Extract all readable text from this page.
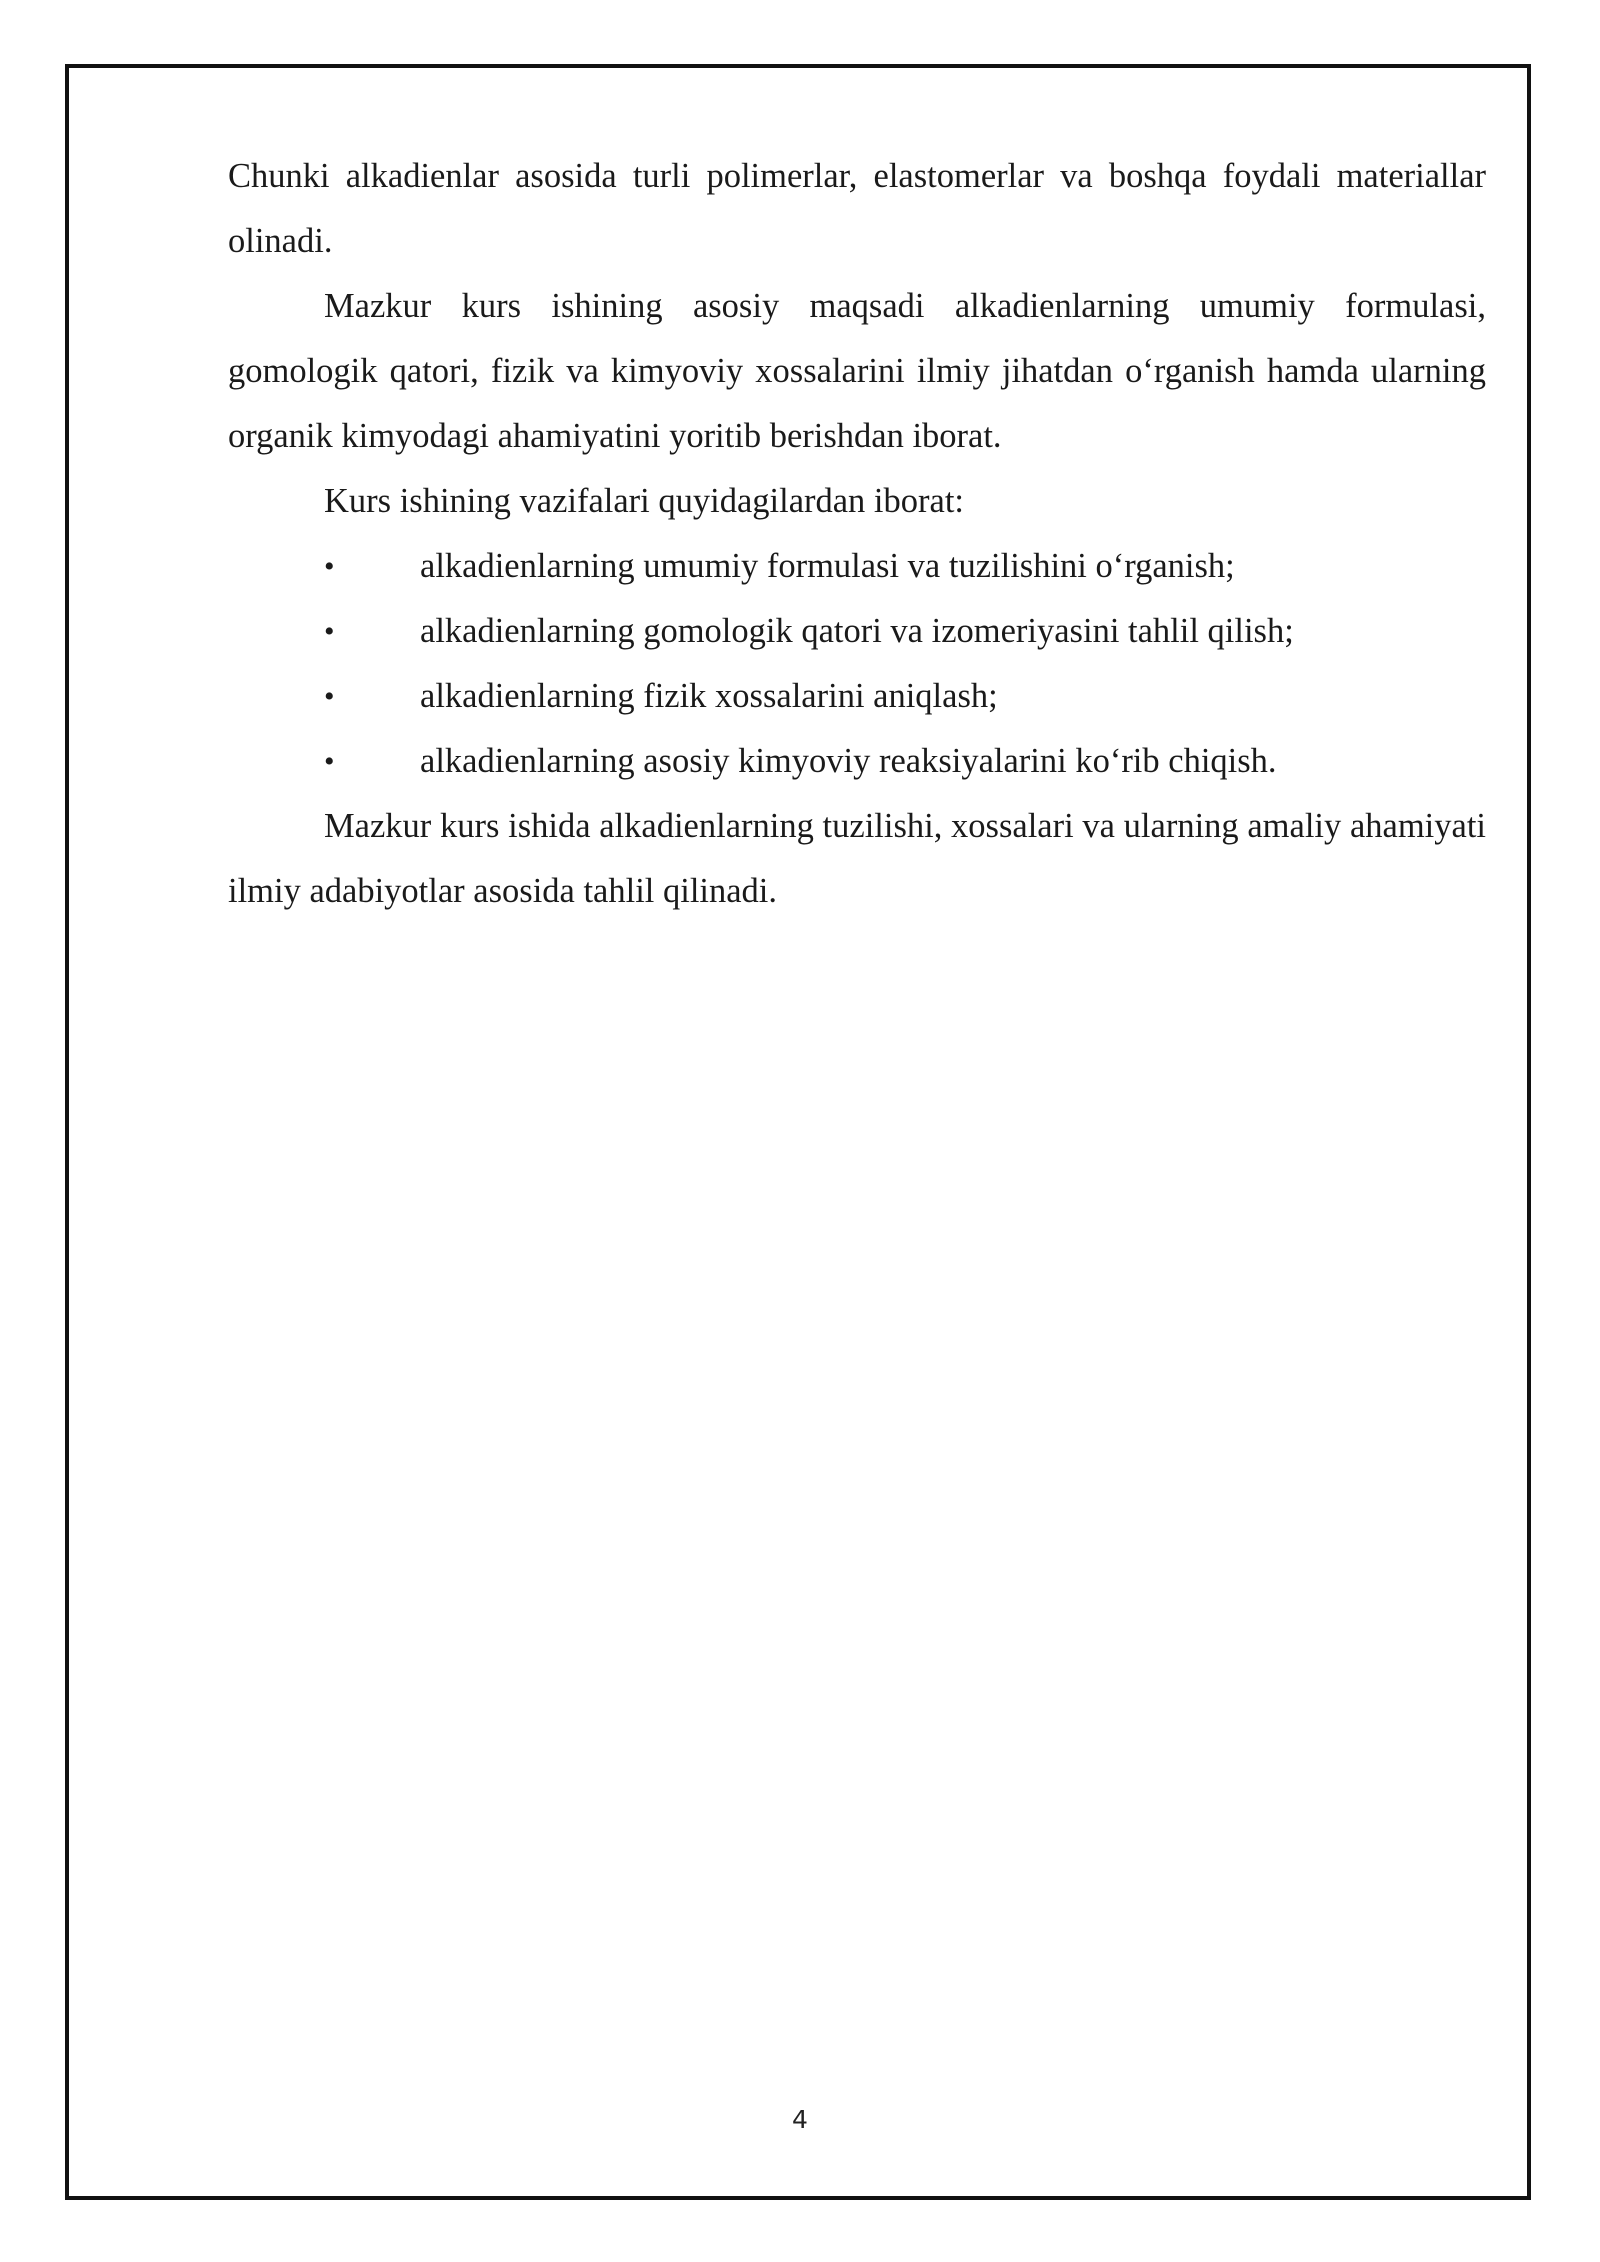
Chunki alkadienlar asosida turli polimerlar, elastomerlar va boshqa foydali materiallar olinadi.

Mazkur kurs ishining asosiy maqsadi alkadienlarning umumiy formulasi, gomologik qatori, fizik va kimyoviy xossalarini ilmiy jihatdan o‘rganish hamda ularning organik kimyodagi ahamiyatini yoritib berishdan iborat.

Kurs ishining vazifalari quyidagilardan iborat:

•	alkadienlarning umumiy formulasi va tuzilishini o‘rganish;
•	alkadienlarning gomologik qatori va izomeriyasini tahlil qilish;
•	alkadienlarning fizik xossalarini aniqlash;
•	alkadienlarning asosiy kimyoviy reaksiyalarini ko‘rib chiqish.

Mazkur kurs ishida alkadienlarning tuzilishi, xossalari va ularning amaliy ahamiyati ilmiy adabiyotlar asosida tahlil qilinadi.

4
